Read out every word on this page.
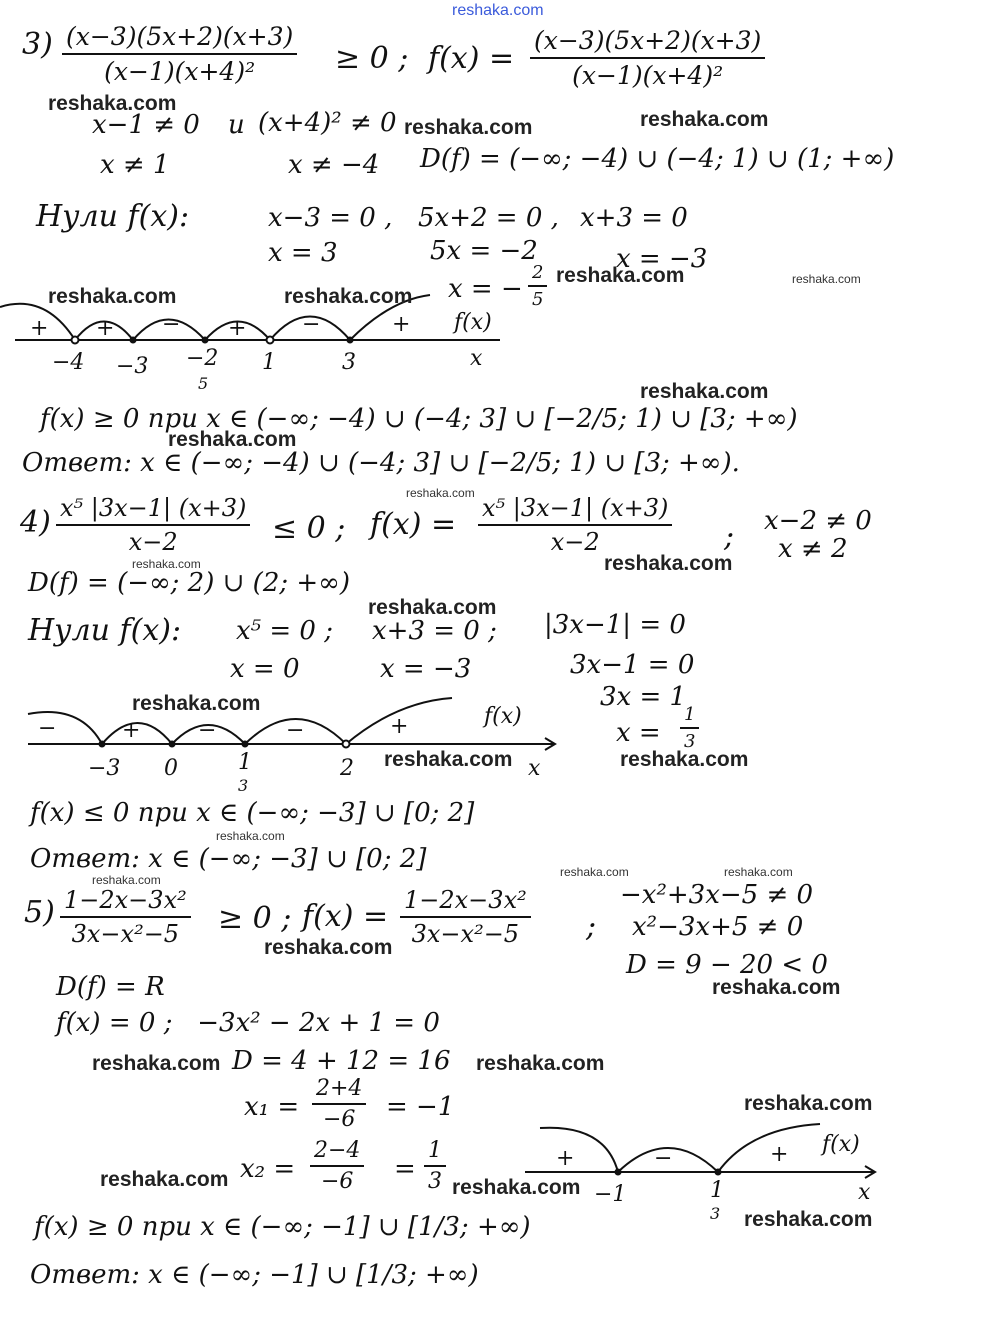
reshaka.com
$3) \frac{(x-3)(5x+2)(x+3)}{\text{(x−1)(x+4)²}} \ge 0$ ; $f(x) = \frac{(x-3)(5x+2)(x+3)}{\text{(x−1)(x+4)²}}$
x−1 ≠ 0 и (x+4)² ≠ 0
x ≠ 1	x ≠ −4 D(f) = (−∞; −4) ∪ (−4; 1) ∪ (1; +∞)
Нули f(x):	x−3 = 0 , 5x+2 = 0 , x+3 = 0
x = 3	5x = −2	x = −3
x = − $\frac{2}{5}$
+ + − +	−	+ f(x)
x
−4 −3 −2
5
1	3
f(x) ≥ 0 при x ∈ (−∞; −4) ∪ (−4; 3] ∪ [−2/5; 1) ∪ [3; +∞)
Ответ: x ∈ (−∞; −4) ∪ (−4; 3] ∪ [−2/5; 1) ∪ [3; +∞).
$4) \frac{\text{x⁵ |3x−1| (x+3)}}{x-2} \le 0$ ; $f(x) = \frac{\text{x⁵ |3x−1| (x+3)}}{x-2}$ ; x−2 ≠ 0
x ≠ 2
D(f) = (−∞; 2) ∪ (2; +∞)
Нули f(x): x⁵ = 0 ; x+3 = 0 ; |3x−1| = 0
x = 0	x = −3	3x−1 = 0
3x = 1
$x = \frac{1}{3}$
−	+	−	−	+	f(x)
x
−3 0	1
3
2
f(x) ≤ 0 при x ∈ (−∞; −3] ∪ [0; 2]
Ответ: x ∈ (−∞; −3] ∪ [0; 2]
$5) \frac{\text{1−2x−3x²}}{\text{3x−x²−5}} \ge 0$ ; $f(x) = \frac{\text{1−2x−3x²}}{\text{3x−x²−5}}$ ;
−x²+3x−5 ≠ 0
x²−3x+5 ≠ 0
D = 9 − 20 < 0
D(f) = R
f(x) = 0 ;   −3x² − 2x + 1 = 0
D = 4 + 12 = 16
$x_1 = \frac{2+4}{-6} = -1$
$x_2 = \frac{2-4}{-6} = \frac{1}{3}$	+	−	+ f(x)
x
−1	1
3
f(x) ≥ 0 при x ∈ (−∞; −1] ∪ [1/3; +∞)
Ответ: x ∈ (−∞; −1] ∪ [1/3; +∞)
reshaka.com
reshaka.com	reshaka.com
reshaka.com	reshaka.com
reshaka.com	reshaka.com
reshaka.com
reshaka.com
reshaka.com
reshaka.com	reshaka.com
reshaka.com
reshaka.com
reshaka.com	reshaka.com
reshaka.com
reshaka.com	reshaka.com
reshaka.com
reshaka.com
reshaka.com
reshaka.com	reshaka.com
reshaka.com
reshaka.com	reshaka.com
reshaka.com
